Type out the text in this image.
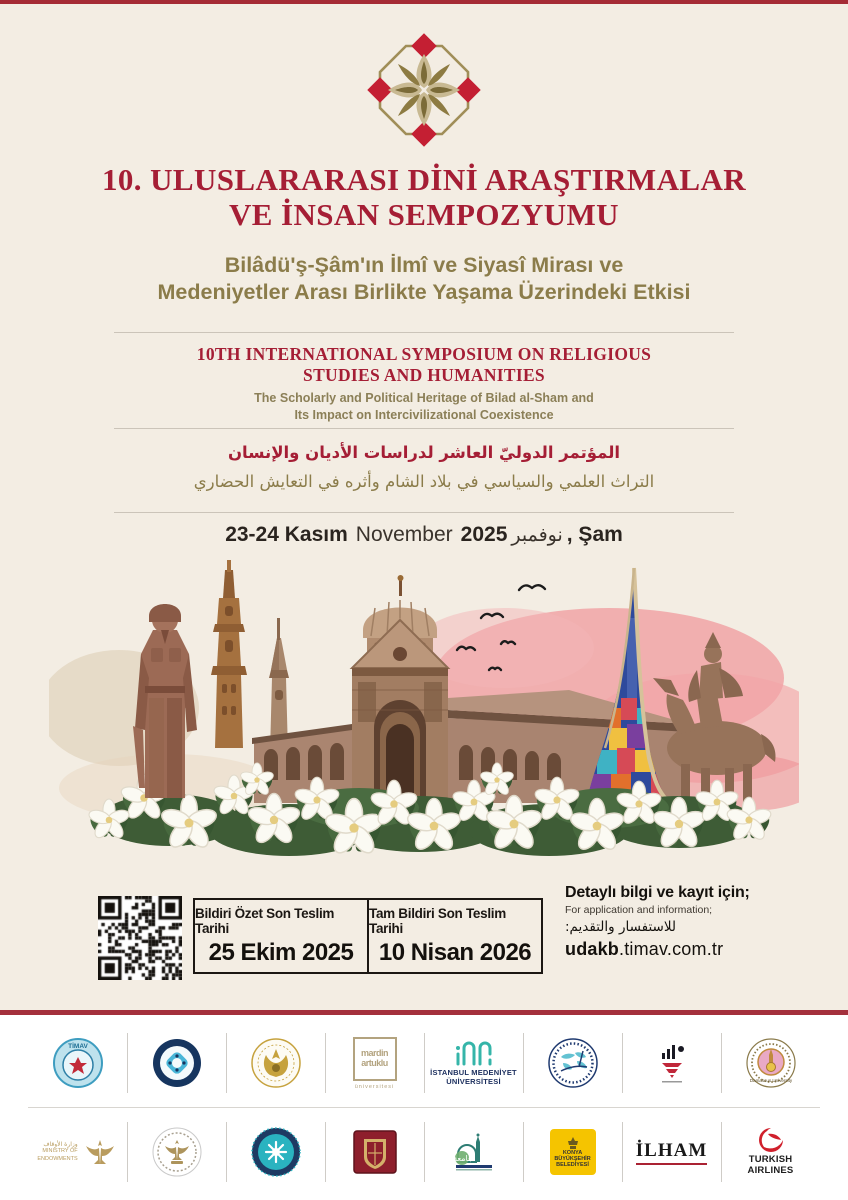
10. ULUSLARARASI DİNİ ARAŞTIRMALAR
VE İNSAN SEMPOZYUMU
Bilâdü'ş-Şâm'ın İlmî ve Siyasî Mirası ve
Medeniyetler Arası Birlikte Yaşama Üzerindeki Etkisi
10TH INTERNATIONAL SYMPOSIUM ON RELIGIOUS
STUDIES AND HUMANITIES
The Scholarly and Political Heritage of Bilad al-Sham and
Its Impact on Intercivilizational Coexistence
المؤتمر الدوليّ العاشر لدراسات الأديان والإنسان
التراث العلمي والسياسي في بلاد الشام وأثره في التعايش الحضاري
23-24 Kasım November	نوفمبر2025, Şam
Bildiri Özet Son Teslim Tarihi
25 Ekim 2025
Tam Bildiri Son Teslim Tarihi
10 Nisan 2026
Detaylı bilgi ve kayıt için;
For application and information;
للاستفسار والتقديم:
udakb.timav.com.tr
TİMAV
mardin
artuklu
üniversitesi
İSTANBUL MEDENİYET
ÜNİVERSİTESİ	Damascus University
وزارة الأوقاف
MINISTRY OF
ENDOWMENTS	جامعة
KONYA
BÜYÜKŞEHİR
BELEDİYESİ
İLHAM	TURKISH
AIRLINES
